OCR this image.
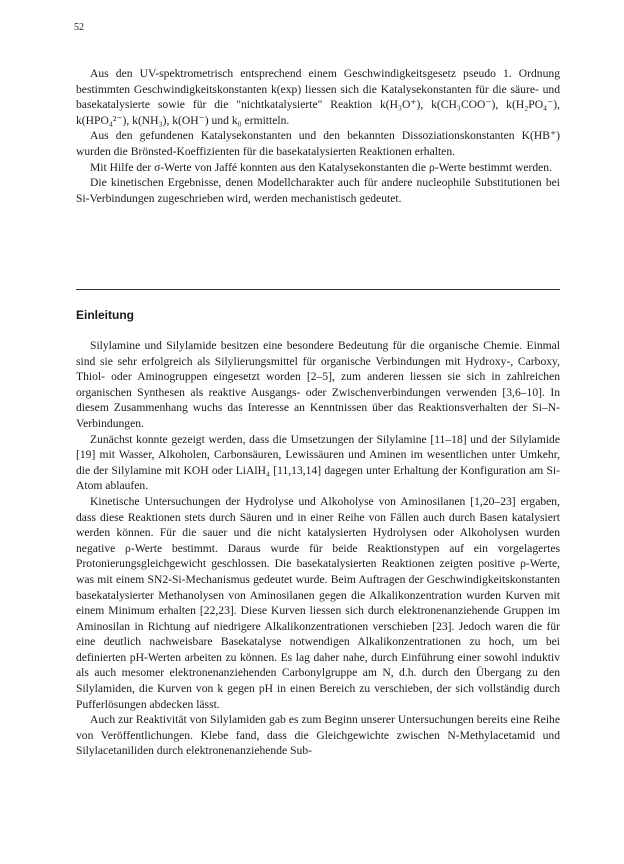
52

Aus den UV-spektrometrisch entsprechend einem Geschwindigkeitsgesetz pseudo 1. Ordnung bestimmten Geschwindigkeitskonstanten k(exp) liessen sich die Katalysekonstanten für die säure- und basekatalysierte sowie für die "nichtkatalysierte" Reaktion k(H₃O⁺), k(CH₃COO⁻), k(H₂PO₄⁻), k(HPO₄²⁻), k(NH₃), k(OH⁻) und k₀ ermitteln.

Aus den gefundenen Katalysekonstanten und den bekannten Dissoziationskonstanten K(HB⁺) wurden die Brönsted-Koeffizienten für die basekatalysierten Reaktionen erhalten.

Mit Hilfe der σ-Werte von Jaffé konnten aus den Katalysekonstanten die ρ-Werte bestimmt werden.

Die kinetischen Ergebnisse, denen Modellcharakter auch für andere nucleophile Substitutionen bei Si-Verbindungen zugeschrieben wird, werden mechanistisch gedeutet.

Einleitung

Silylamine und Silylamide besitzen eine besondere Bedeutung für die organische Chemie. Einmal sind sie sehr erfolgreich als Silylierungsmittel für organische Verbindungen mit Hydroxy-, Carboxy, Thiol- oder Aminogruppen eingesetzt worden [2–5], zum anderen liessen sie sich in zahlreichen organischen Synthesen als reaktive Ausgangs- oder Zwischenverbindungen verwenden [3,6–10]. In diesem Zusammenhang wuchs das Interesse an Kenntnissen über das Reaktionsverhalten der Si–N-Verbindungen.

Zunächst konnte gezeigt werden, dass die Umsetzungen der Silylamine [11–18] und der Silylamide [19] mit Wasser, Alkoholen, Carbonsäuren, Lewissäuren und Aminen im wesentlichen unter Umkehr, die der Silylamine mit KOH oder LiAlH₄ [11,13,14] dagegen unter Erhaltung der Konfiguration am Si-Atom ablaufen.

Kinetische Untersuchungen der Hydrolyse und Alkoholyse von Aminosilanen [1,20–23] ergaben, dass diese Reaktionen stets durch Säuren und in einer Reihe von Fällen auch durch Basen katalysiert werden können. Für die sauer und die nicht katalysierten Hydrolysen oder Alkoholysen wurden negative ρ-Werte bestimmt. Daraus wurde für beide Reaktionstypen auf ein vorgelagertes Protonierungsgleichgewicht geschlossen. Die basekatalysierten Reaktionen zeigten positive ρ-Werte, was mit einem SN2-Si-Mechanismus gedeutet wurde. Beim Auftragen der Geschwindigkeitskonstanten basekatalysierter Methanolysen von Aminosilanen gegen die Alkalikonzentration wurden Kurven mit einem Minimum erhalten [22,23]. Diese Kurven liessen sich durch elektronenanziehende Gruppen im Aminosilan in Richtung auf niedrigere Alkalikonzentrationen verschieben [23]. Jedoch waren die für eine deutlich nachweisbare Basekatalyse notwendigen Alkalikonzentrationen zu hoch, um bei definierten pH-Werten arbeiten zu können. Es lag daher nahe, durch Einführung einer sowohl induktiv als auch mesomer elektronenanziehenden Carbonylgruppe am N, d.h. durch den Übergang zu den Silylamiden, die Kurven von k gegen pH in einen Bereich zu verschieben, der sich vollständig durch Pufferlösungen abdecken lässt.

Auch zur Reaktivität von Silylamiden gab es zum Beginn unserer Untersuchungen bereits eine Reihe von Veröffentlichungen. Klebe fand, dass die Gleichgewichte zwischen N-Methylacetamid und Silylacetaniliden durch elektronenanziehende Sub-
